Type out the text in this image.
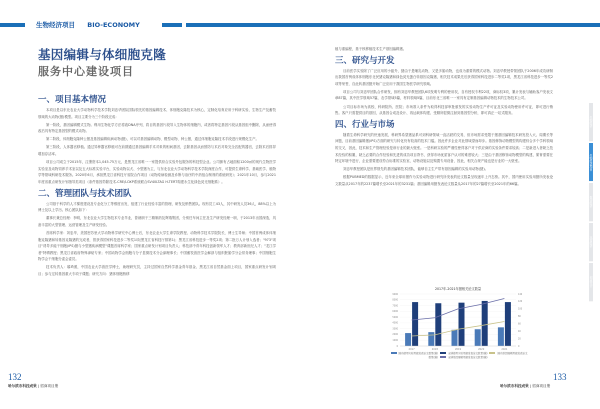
生物经济项目 BIO-ECONOMY
基因编辑与体细胞克隆
服务中心建设项目
一、项目基本情况

本项目是以东北农业大学动物科学技术学院刘忠华团队国际领先的基因编辑技术、体细胞克隆技术为核心，定制化培育应用于科研实验、生物生产及畜牧领域的大动物(猪)模型。项目主要分为三个阶段完成：

第一阶段，基因编辑模式生物。利用生物化学方法将改DNA序列，将目的基因片段导入生物体的细胞内，或者将特定基因片段从基因组中删除，从而使得改后具有特定基因型的模式动物。

第二阶段，体细胞克隆种公猪及基因编辑疾病动物(猪)，可以对基因编辑动物、模型动物、种公猪，通过体细胞克隆技术手段进行规模化生产。

第三阶段，人体器官移植。通过异种器官移植可在前期通过基因编辑手术对象的相间基因，去除基因从而预防与术后对象完全匹配的器官，去除术后排异增加存活率。

项目公司成立于2015年，注册资本1,045.75万元，是黑龙江省唯一一家提供综合实验外包服务的科技型企业。公司拥有占地面积1200㎡的现代生物医学实验室及动物饲养手术室以及五大标准实验平台，实验动物以犬、小型猪为主，与东北农业大学动物科学技术学院深度合作，可提供生命科学、基础医学、植物学等领域科研技术服务。2020年6月，承担黑龙江省科技厅省院合作项目《动物疫病检测及诊断与治疗的中药组合制剂的系统研发》；2021年10月，参与2021年度省重点研发计划指导类项目《条件基因剪除技术-CRE/LOXP系统联合SV40LTAG H-TERT构建永生化绿色荧光细胞系》。

二、管理团队与技术团队

公司基于科学的人才梯度建设及专业化分工等维度出发，组建了行业经验丰富的管理、研发及销售团队。现有员工43人，其中研发人员36人，88%以上为博士及以上学历。核心团队如下：

董事长兼总经理：李明，东北农业大学生物技术专业毕业，曾就职于三精制药及辉瑞集团，分别任车间主任及生产研发经理一职，于2013年出国深造，具备丰富的大型管理、运营管理及生产研发经验。

首席科学家：刘忠华，美国密苏里大学动物科学研究中心博士后，东北农业大学生命学院教授、动物科学技术学院院长，博士生导师；中国首例成体体细胞克隆猪和转基因克隆猪的完成者，曾获得国家科技进步二等奖1项(黑龙江省科技厅排第1)；黑龙江省科技进步一等奖2项；第二批万人计划入选者；"973"项目"诱导多能干细胞(iPS)猪与小型猪疾病模型"课题首席科学家；国家重点研发计划项目负责人；科技部中青年科技创新领军人才；教育部新世纪人才；"龙江学者"特聘教授；黑龙江省政府特殊津贴专家；中国动物学会细胞与分子显微技术分会副理事长；中国畜牧兽医学会解剖与组织胚胎学分会常务理事；中国细胞生物学会干细胞分委会委员。

技术负责人：翁琦照，中国农业大学兽医学博士，助理研究员，主持过国家自然科学基金青年基金、黑龙江省自然基金面上项目，国家重点研发计划项目；参与过转基因重大专项子课题；研究方向：猪体细胞核移

植与重编程，基于核移植技术生产基因编辑猪。

三、研究与开发

目前医学实验除了广泛应用的小鼠外，猪由于是哺乳动物，又是多胎动物，也成为重要的模式动物。刘忠华教授带领团队于2006年成功研制出我国首例成体体细胞东北民猪克隆猪和绿色荧光蛋白转基因克隆猪，相关技术成果先后获得国家科技进步二等奖1项，黑龙江省科技进步一等奖2项等荣誉，自此转基因猪开始广泛应用于我国生物医学研究领域。

项目公司与刘忠华团队合作研发，拥有刘忠华教授团队6项发明专利的使用权，自有授权专利22项，商标权3项，累计发表与辅助客户发表文章87篇，其中医学领域57篇，农学领域5篇，材料领域5篇，目前东北三省唯一一家具有定制基因编辑动物技术的生物技术公司。

公司目标市场为高校、科研院所、医院；市场准入条件为取得科技部审批颁发的实验动物生产许可证及实验动物使用许可证，即可进行销售。客户只需提供目的基因，从基因合成及设计、再达载体构建、受精卵显微注射到基因型分析，即可真正一站式服务。

四、行业与市场

随着生命科学研究的快速发展，科研界希望猪品系可到科研领域一直活跃的交易，但市场需求受限于猪基因编辑技术研发投入大、周期长等问题，目前基因编辑猪(iPS)方面的研究与转化仍有较高的技术门槛。因此许多企业对此领域望而却步。基因修饰动物模型的构建综合多个学科领域的交叉，因此，技术和生产管理经验是该行业的最大壁垒。一是科研实验的严谨性使得客户对于供应商的实验条件要求较高；二是新进入者缺乏技术经验的积累，缺乏必要的合作经验和先进的成功项目背书，获得市场优质客户认可的难度较大；三是由于基因修饰动物模型的构建，繁育需要在特定环境中进行，企业需要建设符合标准的实验室、动物设施以及购置专用设备，因此，相关合规产能也是行业的一大壁垒。

刘忠华教授团队是世界领先的基因编辑技术团队，能够自主生产带有基因编辑的实验用动物(猪)。

根据PUBMED的数据显示，近年来全球用猪作为实验动物进行研究所发表的论文数量呈现逐年上升态势。其中，国内使用实验用猪所发表论文数量从2017年的2237篇增长至2021年的3231篇；基因编辑用猪发表论文数量从2017年的27篇增长至2021年的66篇。

2017年-2021年猪相关论文数量
0
1000
2000
3000
4000
5000
6000
7000
8000
9000
0
20
40
60
80
100
120
140
2017	2018	2019	2020	2021
国内使用实验用猪发表论文数量(篇)	全球使用实验用猪发表论文数量(篇)	国内基因编辑用猪发表论文数量(篇)	全球基因编辑用猪发表论文数量(篇)
132
哈尔滨市科技成果 | 招商项目册
133
哈尔滨市科技成果 | 招商项目册
生物经济
生物经济项目
数字经济
冰雪经济
创意设计
